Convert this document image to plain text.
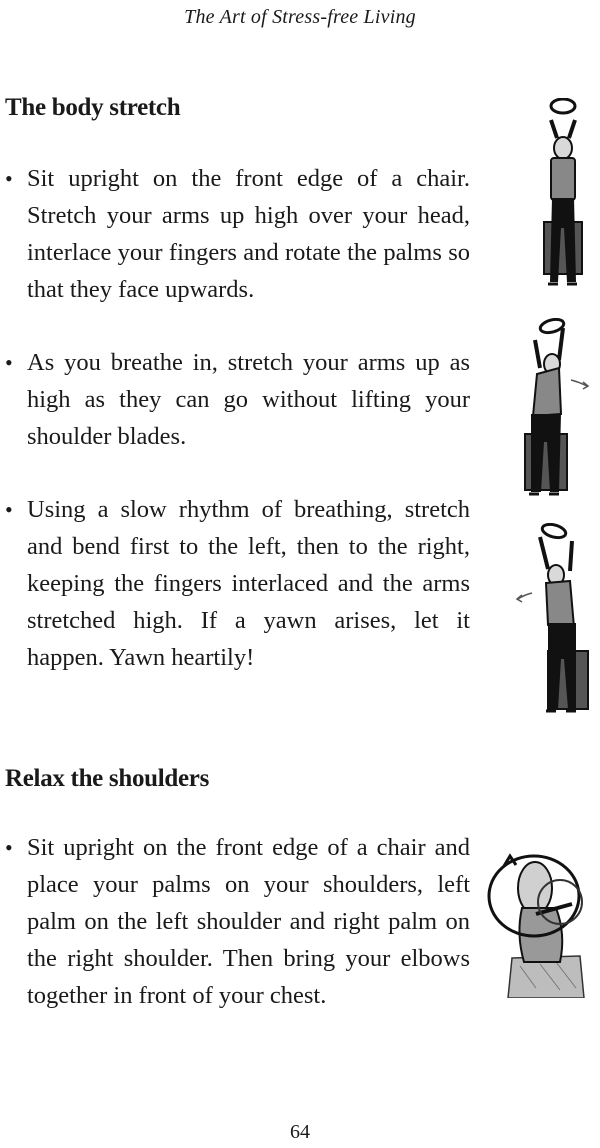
The Art of Stress-free Living
The body stretch
• Sit upright on the front edge of a chair. Stretch your arms up high over your head, interlace your fingers and rotate the palms so that they face upwards.
• As you breathe in, stretch your arms up as high as they can go without lifting your shoulder blades.
• Using a slow rhythm of breathing, stretch and bend first to the left, then to the right, keeping the fingers interlaced and the arms stretched high. If a yawn arises, let it happen. Yawn heartily!
Relax the shoulders
• Sit upright on the front edge of a chair and place your palms on your shoulders, left palm on the left shoulder and right palm on the right shoulder. Then bring your elbows together in front of your chest.
64
